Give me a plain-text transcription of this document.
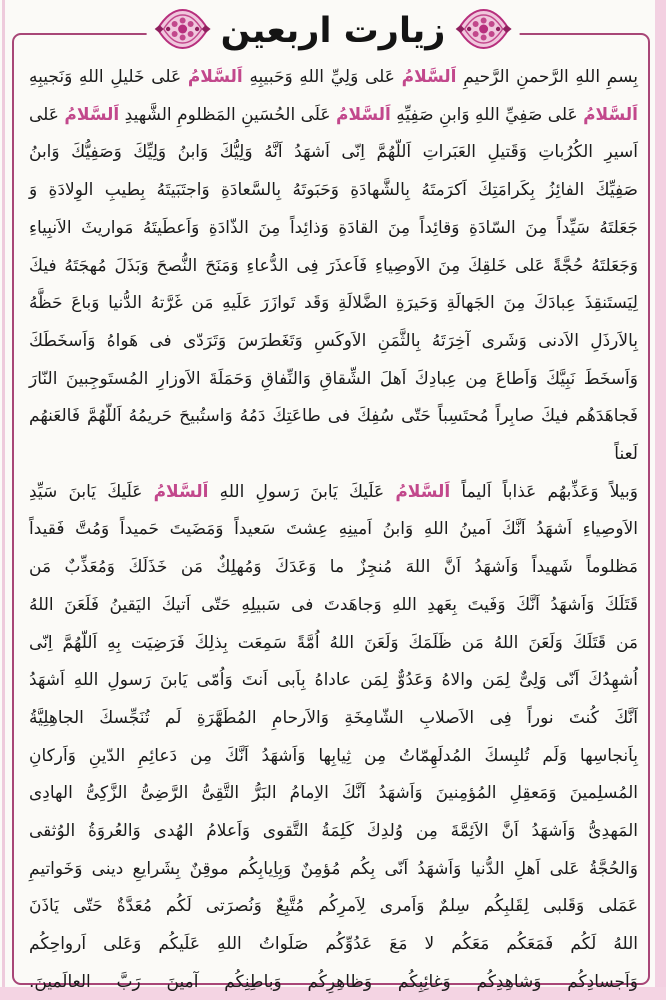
زيارت اربعين
بِسمِ اللهِ الرَّحمنِ الرَّحيمِ اَلسَّلامُ عَلى وَلِيِّ اللهِ وَحَبيبِهِ اَلسَّلامُ عَلى خَليلِ اللهِ وَنَجيبِهِ
اَلسَّلامُ عَلى صَفِيِّ اللهِ وَابنِ صَفِيِّهِ اَلسَّلامُ عَلَى الحُسَينِ المَظلومِ الشَّهيدِ اَلسَّلامُ عَلى
اَسيرِ الكُرُباتِ وَقَتيلِ العَبَراتِ اَللّهُمَّ اِنّى اَشهَدُ اَنَّهُ وَلِيُّكَ وَابنُ وَلِيِّكَ وَصَفِيُّكَ وَابنُ
صَفِيِّكَ الفائِزُ بِكَرامَتِكَ اَكرَمتَهُ بِالشَّهادَةِ وَحَبَوتَهُ بِالسَّعادَةِ وَاجتَبَيتَهُ بِطيبِ الوِلادَةِ وَ
جَعَلتَهُ سَيِّداً مِنَ السّادَةِ وَقائِداً مِنَ القادَةِ وَذائِداً مِنَ الذّادَةِ وَاَعطَيتَهُ مَواريثَ الاَنبِياءِ
وَجَعَلتَهُ حُجَّةً عَلى خَلقِكَ مِنَ الاَوصِياءِ فَاَعذَرَ فِى الدُّعاءِ وَمَنَحَ النُّصحَ وَبَذَلَ مُهجَتَهُ فيكَ
لِيَستَنقِذَ عِبادَكَ مِنَ الجَهالَةِ وَحَيرَةِ الضَّلالَةِ وَقَد تَوازَرَ عَلَيهِ مَن غَرَّتهُ الدُّنيا وَباعَ حَظَّهُ
بِالاَرذَلِ الاَدنى وَشَرى آخِرَتَهُ بِالثَّمَنِ الاَوكَسِ وَتَغَطرَسَ وَتَرَدّى فى هَواهُ وَاَسخَطَكَ
وَاَسخَطَ نَبِيَّكَ وَاَطاعَ مِن عِبادِكَ اَهلَ الشِّقاقِ وَالنِّفاقِ وَحَمَلَةَ الاَوزارِ المُستَوجِبينَ النّارَ
فَجاهَدَهُم فيكَ صابِراً مُحتَسِباً حَتّى سُفِكَ فى طاعَتِكَ دَمُهُ وَاستُبيحَ حَريمُهُ اَللّهُمَّ فَالعَنهُم لَعناً
وَبيلاً وَعَذِّبهُم عَذاباً اَليماً اَلسَّلامُ عَلَيكَ يَابنَ رَسولِ اللهِ اَلسَّلامُ عَلَيكَ يَابنَ سَيِّدِ
الاَوصِياءِ اَشهَدُ اَنَّكَ اَمينُ اللهِ وَابنُ اَمينِهِ عِشتَ سَعيداً وَمَضَيتَ حَميداً وَمُتَّ فَقيداً
مَظلوماً شَهيداً وَاَشهَدُ اَنَّ اللهَ مُنجِزٌ ما وَعَدَكَ وَمُهلِكٌ مَن خَذَلَكَ وَمُعَذِّبٌ مَن
قَتَلَكَ وَاَشهَدُ اَنَّكَ وَفَيتَ بِعَهدِ اللهِ وَجاهَدتَ فى سَبيلِهِ حَتّى اَتيكَ اليَقينُ فَلَعَنَ اللهُ
مَن قَتَلَكَ وَلَعَنَ اللهُ مَن ظَلَمَكَ وَلَعَنَ اللهُ اُمَّةً سَمِعَت بِذلِكَ فَرَضِيَت بِهِ اَللّهُمَّ اِنّى
اُشهِدُكَ اَنّى وَلِىٌّ لِمَن والاهُ وَعَدُوٌّ لِمَن عاداهُ بِاَبى اَنتَ وَاُمّى يَابنَ رَسولِ اللهِ اَشهَدُ
اَنَّكَ كُنتَ نوراً فِى الاَصلابِ الشّامِخَةِ وَالاَرحامِ المُطَهَّرَةِ لَم تُنَجِّسكَ الجاهِلِيَّةُ
بِاَنجاسِها وَلَم تُلبِسكَ المُدلَهِمّاتُ مِن ثِيابِها وَاَشهَدُ اَنَّكَ مِن دَعائِمِ الدّينِ وَاَركانِ
المُسلِمينَ وَمَعقِلِ المُؤمِنينَ وَاَشهَدُ اَنَّكَ الاِمامُ البَرُّ التَّقِىُّ الرَّضِىُّ الزَّكِىُّ الهادِى
المَهدِىُّ وَاَشهَدُ اَنَّ الاَئِمَّةَ مِن وُلدِكَ كَلِمَةُ التَّقوى وَاَعلامُ الهُدى وَالعُروَةُ الوُثقى
وَالحُجَّةُ عَلى اَهلِ الدُّنيا وَاَشهَدُ اَنّى بِكُم مُؤمِنٌ وَبِاِيابِكُم موقِنٌ بِشَرايعِ دينى وَخَواتيمِ
عَمَلى وَقَلبى لِقَلبِكُم سِلمٌ وَاَمرى لِاَمرِكُم مُتَّبِعٌ وَنُصرَتى لَكُم مُعَدَّةٌ حَتّى يَاذَنَ
اللهُ لَكُم فَمَعَكُم مَعَكُم لا مَعَ عَدُوِّكُم صَلَواتُ اللهِ عَلَيكُم وَعَلى اَرواحِكُم
وَاَجسادِكُم وَشاهِدِكُم وَغائِبِكُم وَظاهِرِكُم وَباطِنِكُم آمينَ رَبَّ العالَمينَ.
